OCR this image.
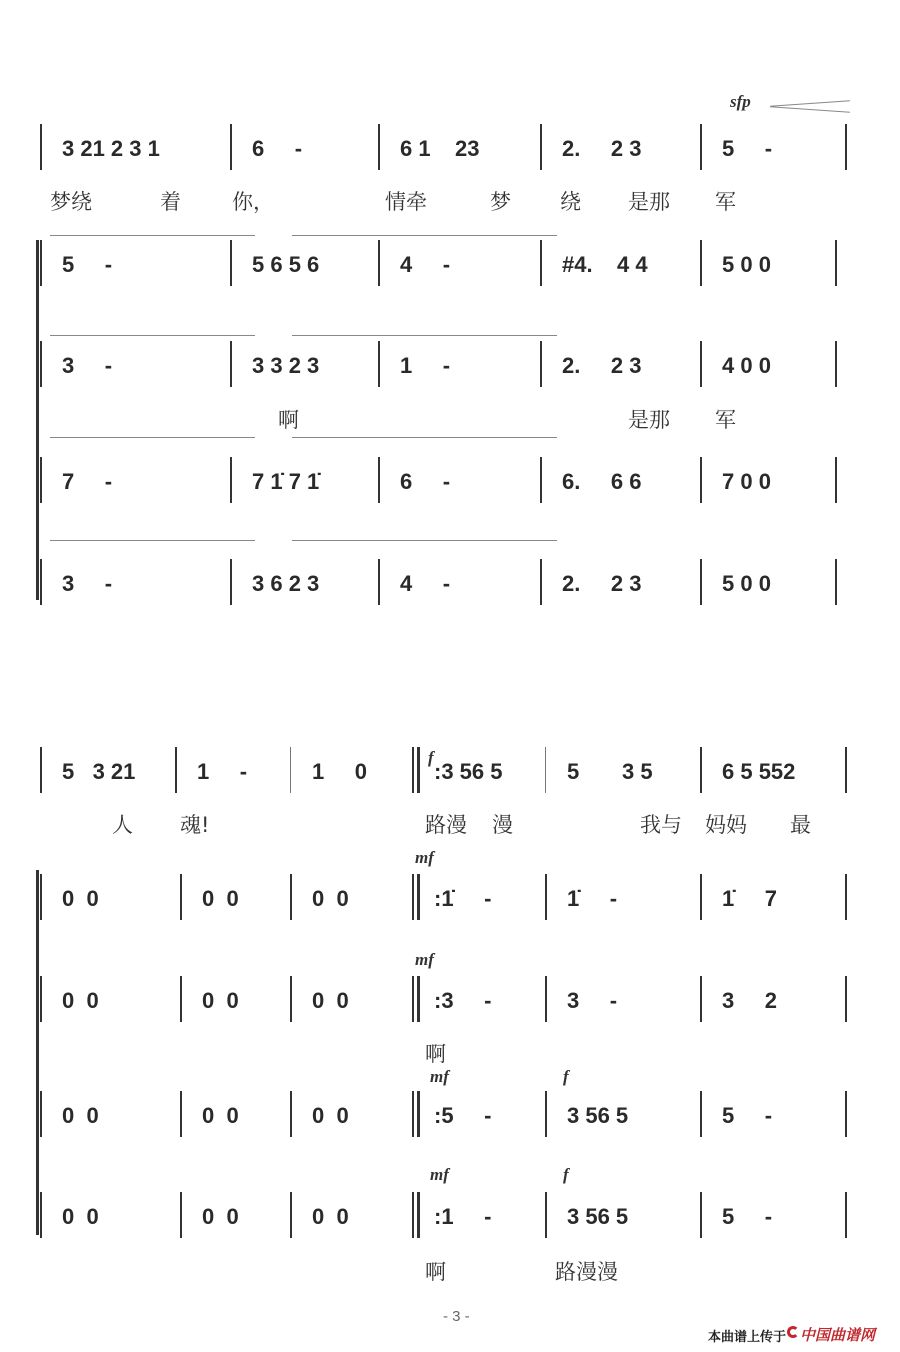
- 3 -
本曲谱上传于 中国曲谱网
3 21 2 3 1	6     -	6 1    23	2.     2 3	5     -
梦绕	着 你，	情牵	梦 绕 是那 军
5     -	5 6 5 6	4     -	#4.    4 4	5 0 0
3     -	3 3 2 3	1     -	2.     2 3	4 0 0
啊	是那 军
7     -	7 1̇ 7 1̇	6     -	6.     6 6	7 0 0
3     -	3 6 2 3	4     -	2.     2 3	5 0 0
sfp
5   3 21	1     -	1     0	:3 56 5	5       3 5	6 5 552
人 魂!	路漫 漫	我与 妈妈 最
0  0	0  0	0  0	:1̇     -	1̇     -	1̇     7
0  0	0  0	0  0	:3     -	3     -	3     2
啊
0  0	0  0	0  0	:5     -	3 56 5	5     -
0  0	0  0	0  0	:1     -	3 56 5	5     -
啊	路漫漫
f
mf
mf
mf	f
mf	f
